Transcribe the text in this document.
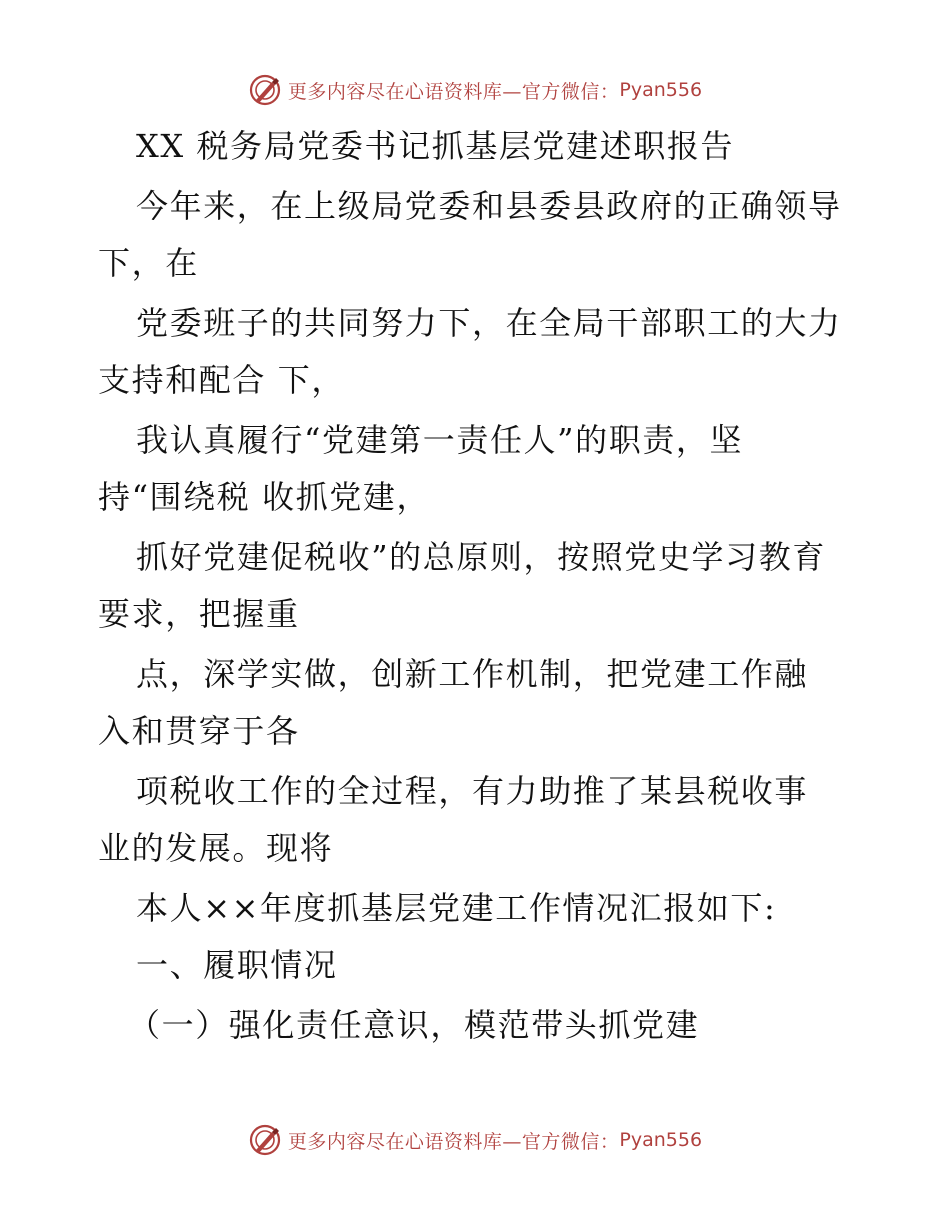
更多内容尽在心语资料库—官方微信： Pyan556
XX 税务局党委书记抓基层党建述职报告
今年来，在上级局党委和县委县政府的正确领导
下，在
党委班子的共同努力下，在全局干部职工的大力
支持和配合 下，
我认真履行“党建第一责任人”的职责，坚
持“围绕税 收抓党建，
抓好党建促税收”的总原则，按照党史学习教育
要求，把握重
点，深学实做，创新工作机制，把党建工作融
入和贯穿于各
项税收工作的全过程，有力助推了某县税收事
业的发展。现将
本人××年度抓基层党建工作情况汇报如下:
一、履职情况
（一）强化责任意识，模范带头抓党建
更多内容尽在心语资料库—官方微信： Pyan556
